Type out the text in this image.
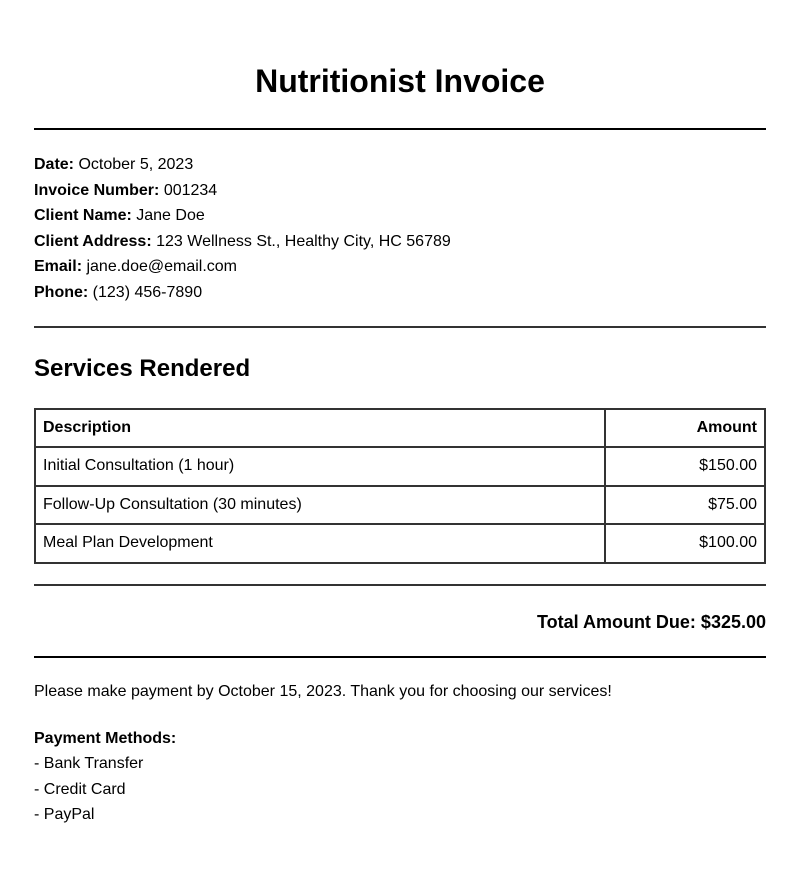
Nutritionist Invoice
Date: October 5, 2023
Invoice Number: 001234
Client Name: Jane Doe
Client Address: 123 Wellness St., Healthy City, HC 56789
Email: jane.doe@email.com
Phone: (123) 456-7890
Services Rendered
Description	Amount
Initial Consultation (1 hour)	$150.00
Follow-Up Consultation (30 minutes)	$75.00
Meal Plan Development	$100.00
Total Amount Due: $325.00
Please make payment by October 15, 2023. Thank you for choosing our services!
Payment Methods:
- Bank Transfer
- Credit Card
- PayPal
